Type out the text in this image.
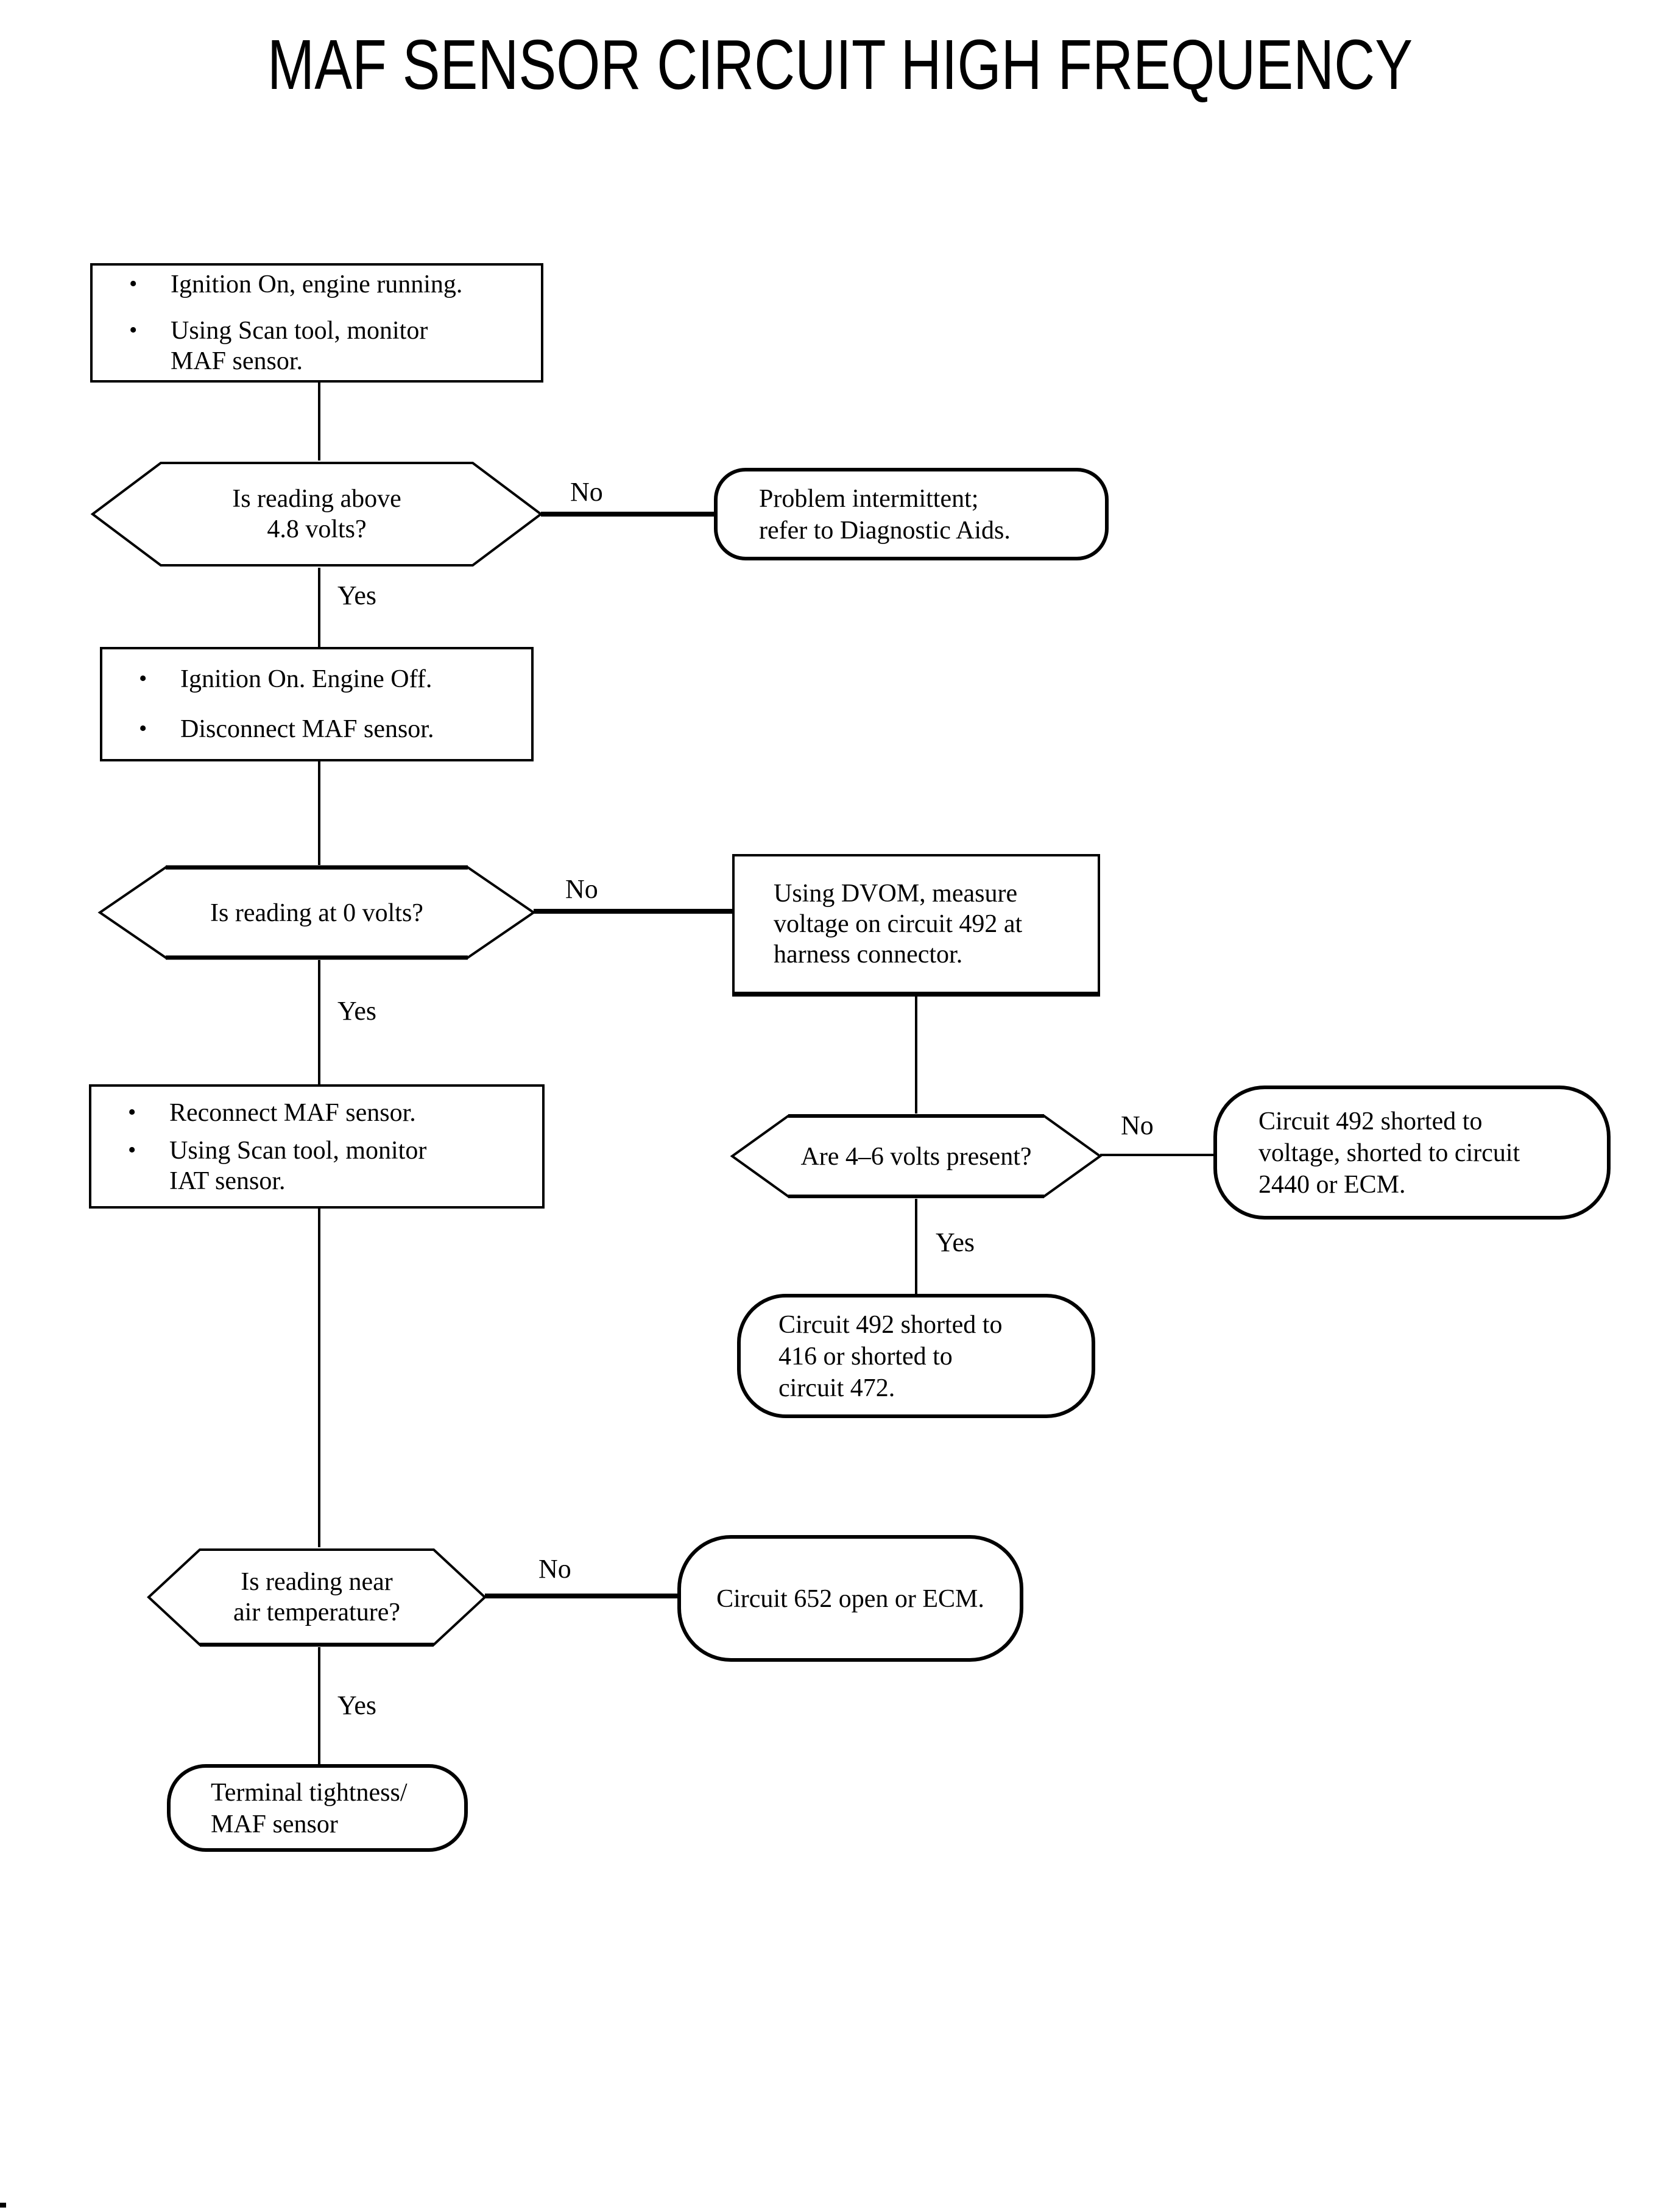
MAF SENSOR CIRCUIT HIGH FREQUENCY
•	Ignition On, engine running.
•	Using Scan tool, monitor
MAF sensor.
Is reading above
4.8 volts?
No	Problem intermittent;
refer to Diagnostic Aids.
Yes
•	Ignition On. Engine Off.
•	Disconnect MAF sensor.
Is reading at 0 volts?
No	Using DVOM, measure
voltage on circuit 492 at
harness connector.
Yes
•	Reconnect MAF sensor.
•	Using Scan tool, monitor
IAT sensor.
Are 4–6 volts present?
No	Circuit 492 shorted to
voltage, shorted to circuit
2440 or ECM.
Yes
Circuit 492 shorted to
416 or shorted to
circuit 472.
Is reading near
air temperature?
No
Circuit 652 open or ECM.
Yes
Terminal tightness/
MAF sensor
